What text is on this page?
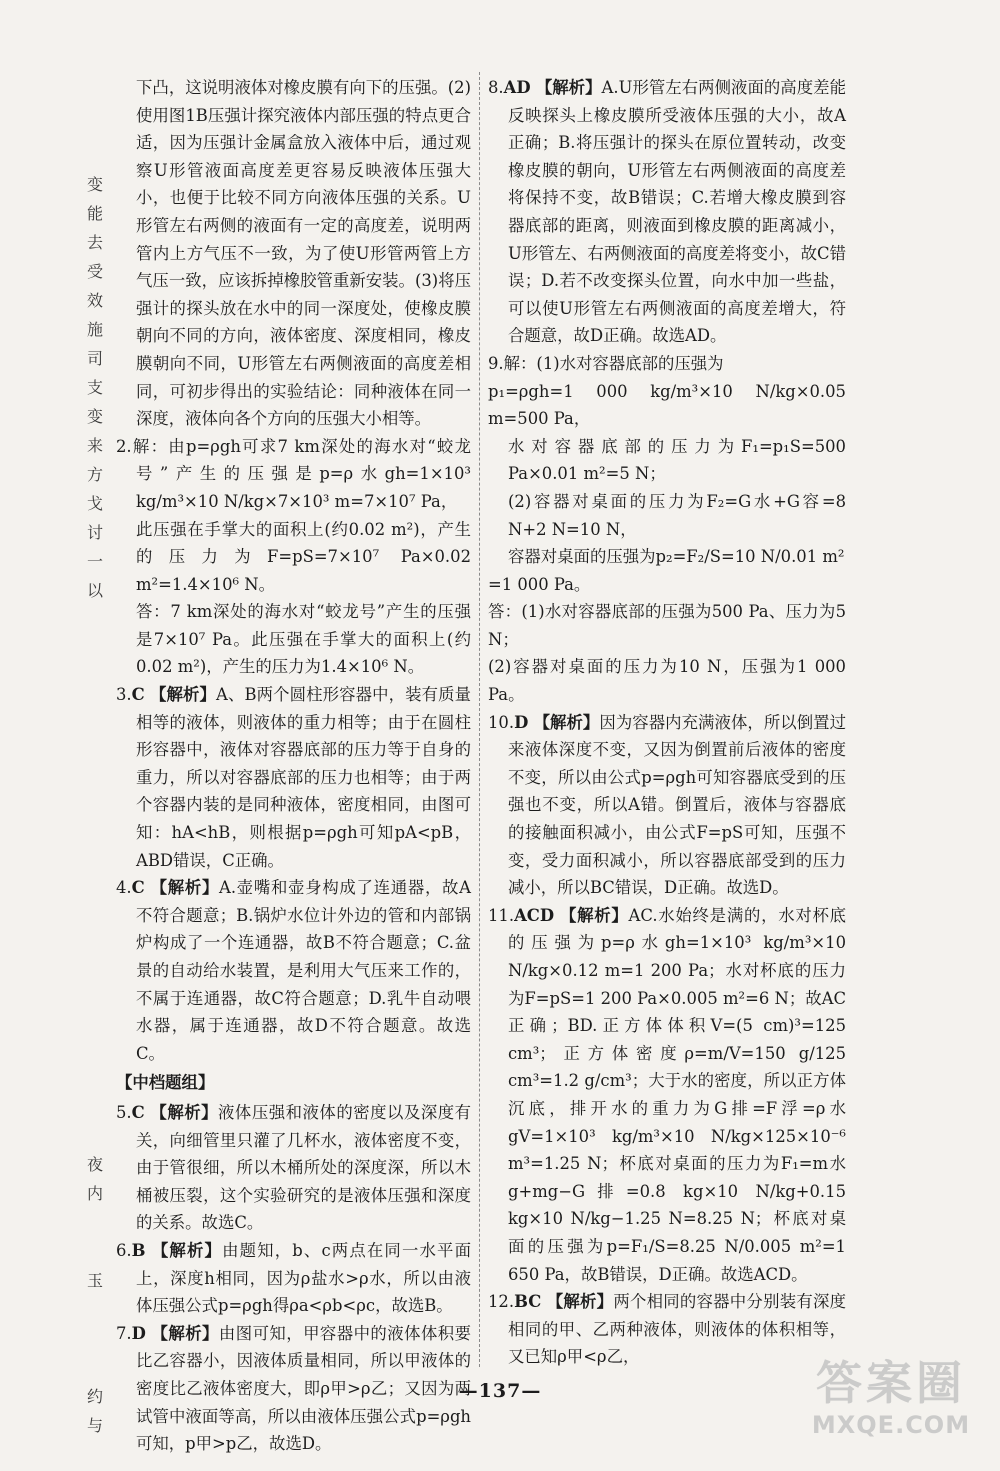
变
能
去
受
效
施
司
支
变
来
方
戈
讨
一
以
夜
内

玉

约
与

下凸，这说明液体对橡皮膜有向下的压强。(2)使用图1B压强计探究液体内部压强的特点更合适，因为压强计金属盒放入液体中后，通过观察U形管液面高度差更容易反映液体压强大小，也便于比较不同方向液体压强的关系。U形管左右两侧的液面有一定的高度差，说明两管内上方气压不一致，为了使U形管两管上方气压一致，应该拆掉橡胶管重新安装。(3)将压强计的探头放在水中的同一深度处，使橡皮膜朝向不同的方向，液体密度、深度相同，橡皮膜朝向不同，U形管左右两侧液面的高度差相同，可初步得出的实验结论：同种液体在同一深度，液体向各个方向的压强大小相等。

2.解：由p=ρgh可求7 km深处的海水对“蛟龙号”产生的压强是p=ρ水gh=1×10³ kg/m³×10 N/kg×7×10³ m=7×10⁷ Pa，

此压强在手掌大的面积上(约0.02 m²)，产生的压力为F=pS=7×10⁷ Pa×0.02 m²=1.4×10⁶ N。

答：7 km深处的海水对“蛟龙号”产生的压强是7×10⁷ Pa。此压强在手掌大的面积上(约0.02 m²)，产生的压力为1.4×10⁶ N。

3.C 【解析】A、B两个圆柱形容器中，装有质量相等的液体，则液体的重力相等；由于在圆柱形容器中，液体对容器底部的压力等于自身的重力，所以对容器底部的压力也相等；由于两个容器内装的是同种液体，密度相同，由图可知：hA<hB，则根据p=ρgh可知pA<pB，ABD错误，C正确。

4.C 【解析】A.壶嘴和壶身构成了连通器，故A不符合题意；B.锅炉水位计外边的管和内部锅炉构成了一个连通器，故B不符合题意；C.盆景的自动给水装置，是利用大气压来工作的，不属于连通器，故C符合题意；D.乳牛自动喂水器，属于连通器，故D不符合题意。故选C。

【中档题组】

5.C 【解析】液体压强和液体的密度以及深度有关，向细管里只灌了几杯水，液体密度不变，由于管很细，所以木桶所处的深度深，所以木桶被压裂，这个实验研究的是液体压强和深度的关系。故选C。

6.B 【解析】由题知，b、c两点在同一水平面上，深度h相同，因为ρ盐水>ρ水，所以由液体压强公式p=ρgh得ρa<ρb<ρc，故选B。

7.D 【解析】由图可知，甲容器中的液体体积要比乙容器小，因液体质量相同，所以甲液体的密度比乙液体密度大，即ρ甲>ρ乙；又因为两试管中液面等高，所以由液体压强公式p=ρgh可知，p甲>p乙，故选D。

8.AD 【解析】A.U形管左右两侧液面的高度差能反映探头上橡皮膜所受液体压强的大小，故A正确；B.将压强计的探头在原位置转动，改变橡皮膜的朝向，U形管左右两侧液面的高度差将保持不变，故B错误；C.若增大橡皮膜到容器底部的距离，则液面到橡皮膜的距离减小，U形管左、右两侧液面的高度差将变小，故C错误；D.若不改变探头位置，向水中加一些盐，可以使U形管左右两侧液面的高度差增大，符合题意，故D正确。故选AD。

9.解：(1)水对容器底部的压强为

p₁=ρgh=1 000 kg/m³×10 N/kg×0.05 m=500 Pa，

水对容器底部的压力为F₁=p₁S=500 Pa×0.01 m²=5 N；

(2)容器对桌面的压力为F₂=G水+G容=8 N+2 N=10 N，

容器对桌面的压强为p₂=F₂/S=10 N/0.01 m²

=1 000 Pa。

答：(1)水对容器底部的压强为500 Pa、压力为5 N；

(2)容器对桌面的压力为10 N，压强为1 000 Pa。

10.D 【解析】因为容器内充满液体，所以倒置过来液体深度不变，又因为倒置前后液体的密度不变，所以由公式p=ρgh可知容器底受到的压强也不变，所以A错。倒置后，液体与容器底的接触面积减小，由公式F=pS可知，压强不变，受力面积减小，所以容器底部受到的压力减小，所以BC错误，D正确。故选D。

11.ACD 【解析】AC.水始终是满的，水对杯底的压强为p=ρ水gh=1×10³ kg/m³×10 N/kg×0.12 m=1 200 Pa；水对杯底的压力为F=pS=1 200 Pa×0.005 m²=6 N；故AC正确；BD.正方体体积V=(5 cm)³=125 cm³；正方体密度ρ=m/V=150 g/125 cm³=1.2 g/cm³；大于水的密度，所以正方体沉底，排开水的重力为G排=F浮=ρ水gV=1×10³ kg/m³×10 N/kg×125×10⁻⁶ m³=1.25 N；杯底对桌面的压力为F₁=m水g+mg−G排=0.8 kg×10 N/kg+0.15 kg×10 N/kg−1.25 N=8.25 N；杯底对桌面的压强为p=F₁/S=8.25 N/0.005 m²=1 650 Pa，故B错误，D正确。故选ACD。

12.BC 【解析】两个相同的容器中分别装有深度相同的甲、乙两种液体，则液体的体积相等，又已知ρ甲<ρ乙，

—137—	答案圈
MXQE.COM
